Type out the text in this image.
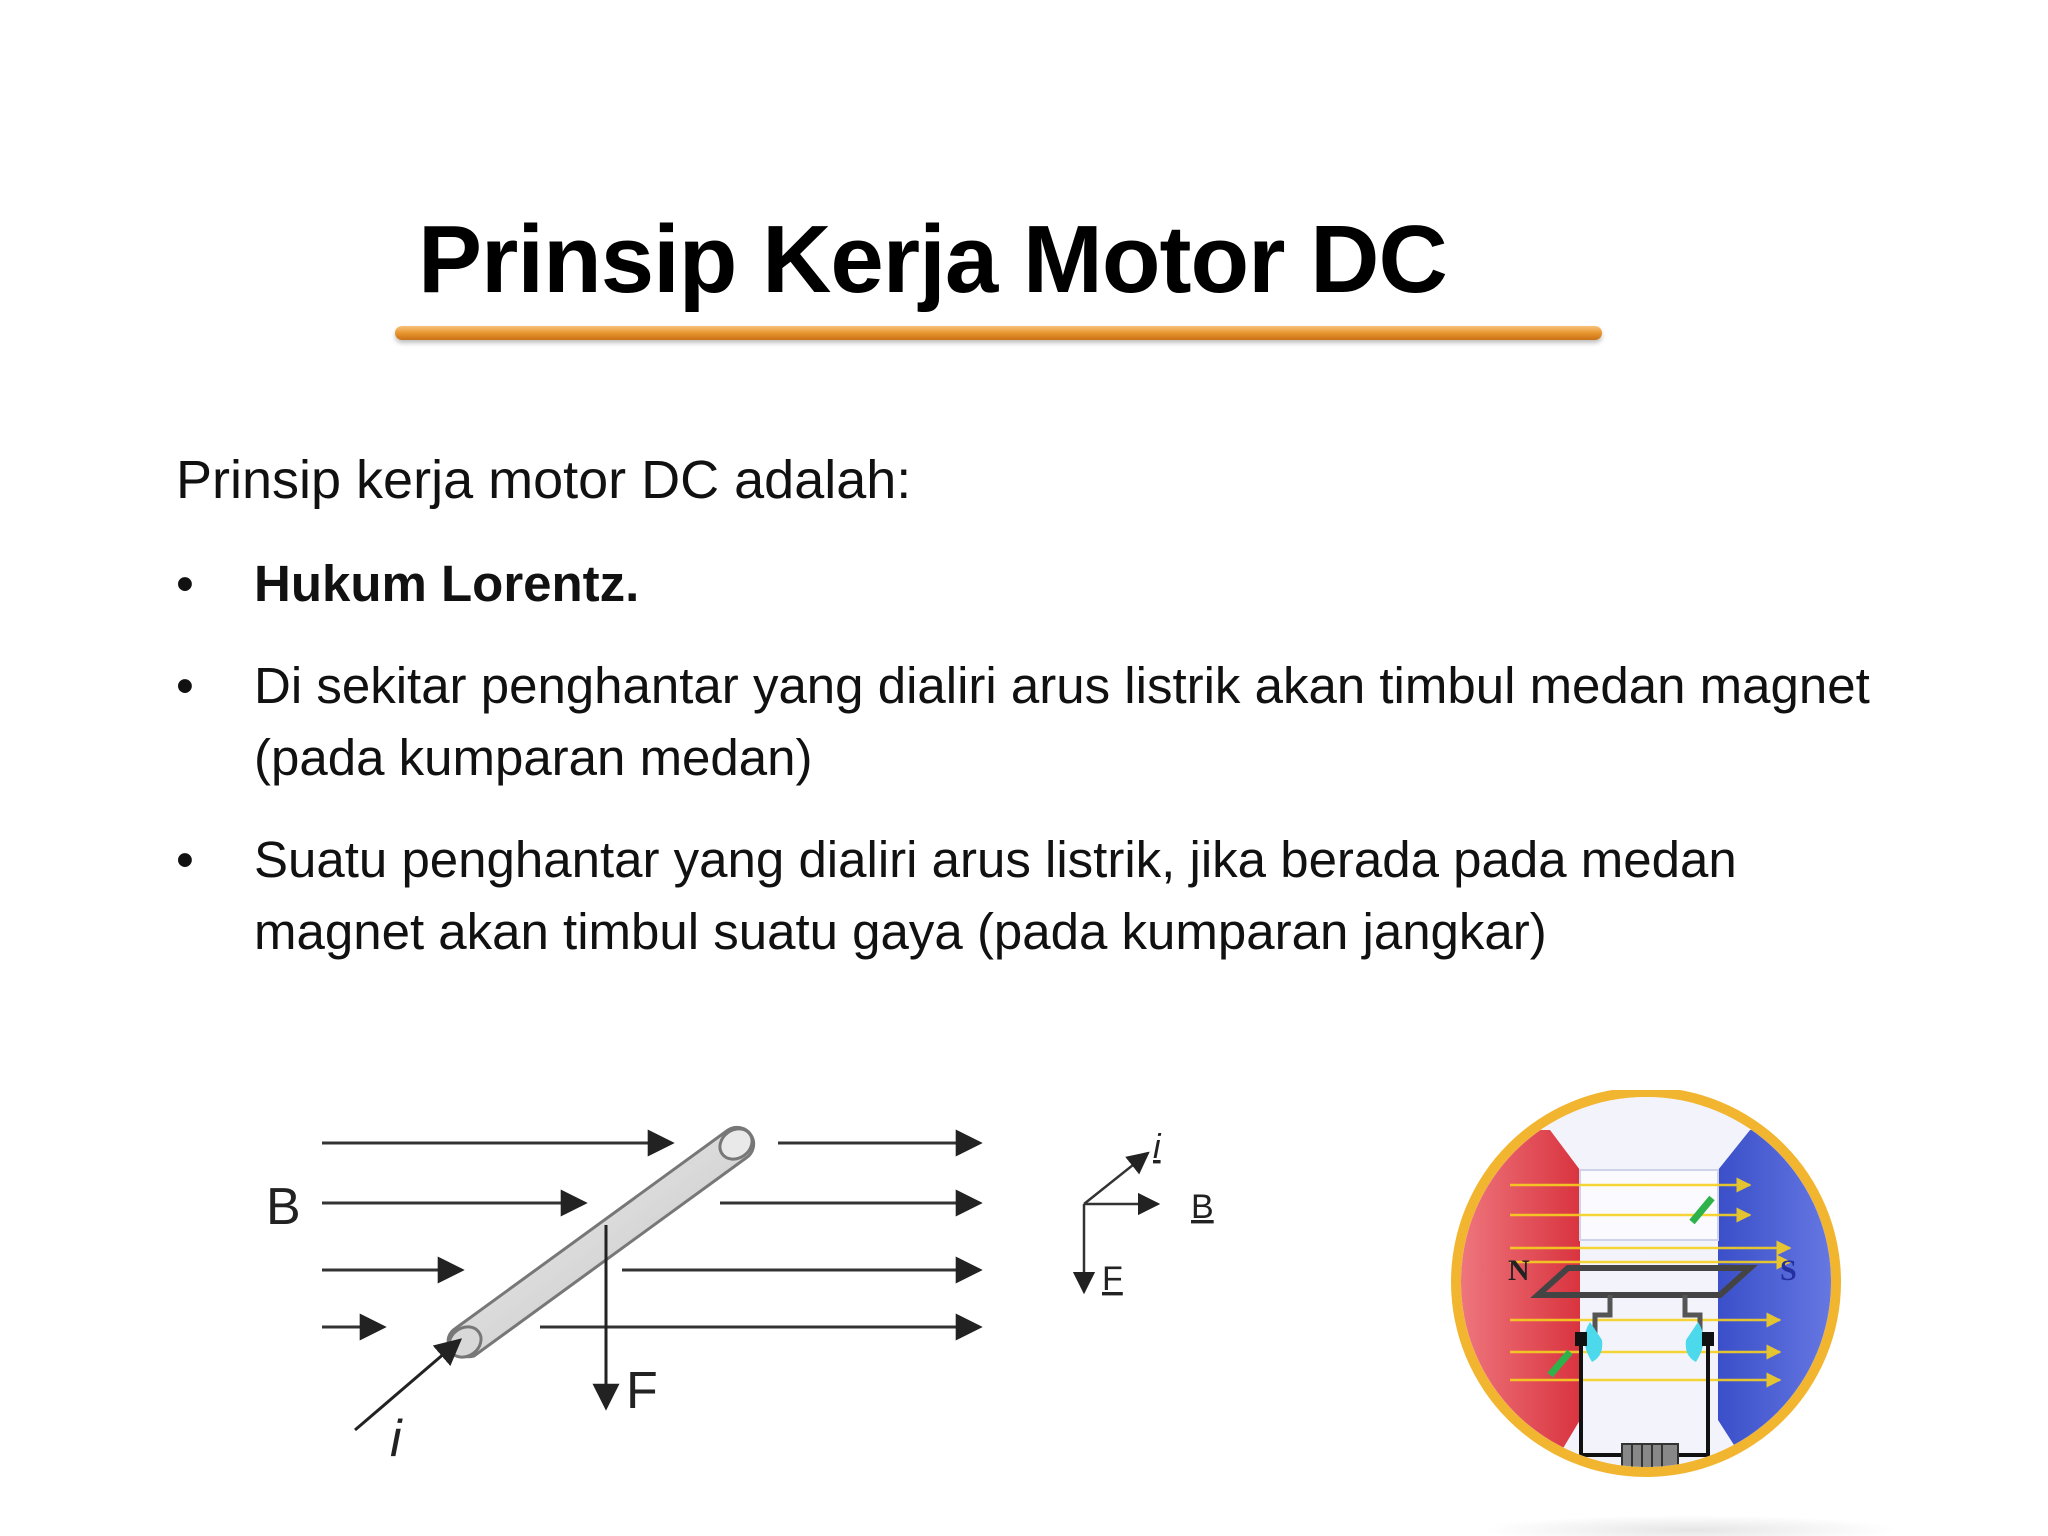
Prinsip Kerja Motor DC

Prinsip kerja motor DC adalah:

•	Hukum Lorentz.
•	Di sekitar penghantar yang dialiri arus listrik akan timbul medan magnet (pada kumparan medan)
•	Suatu penghantar yang dialiri arus listrik, jika berada pada medan magnet akan timbul suatu gaya (pada kumparan jangkar)
B
F
i
i
B
F	N	S
